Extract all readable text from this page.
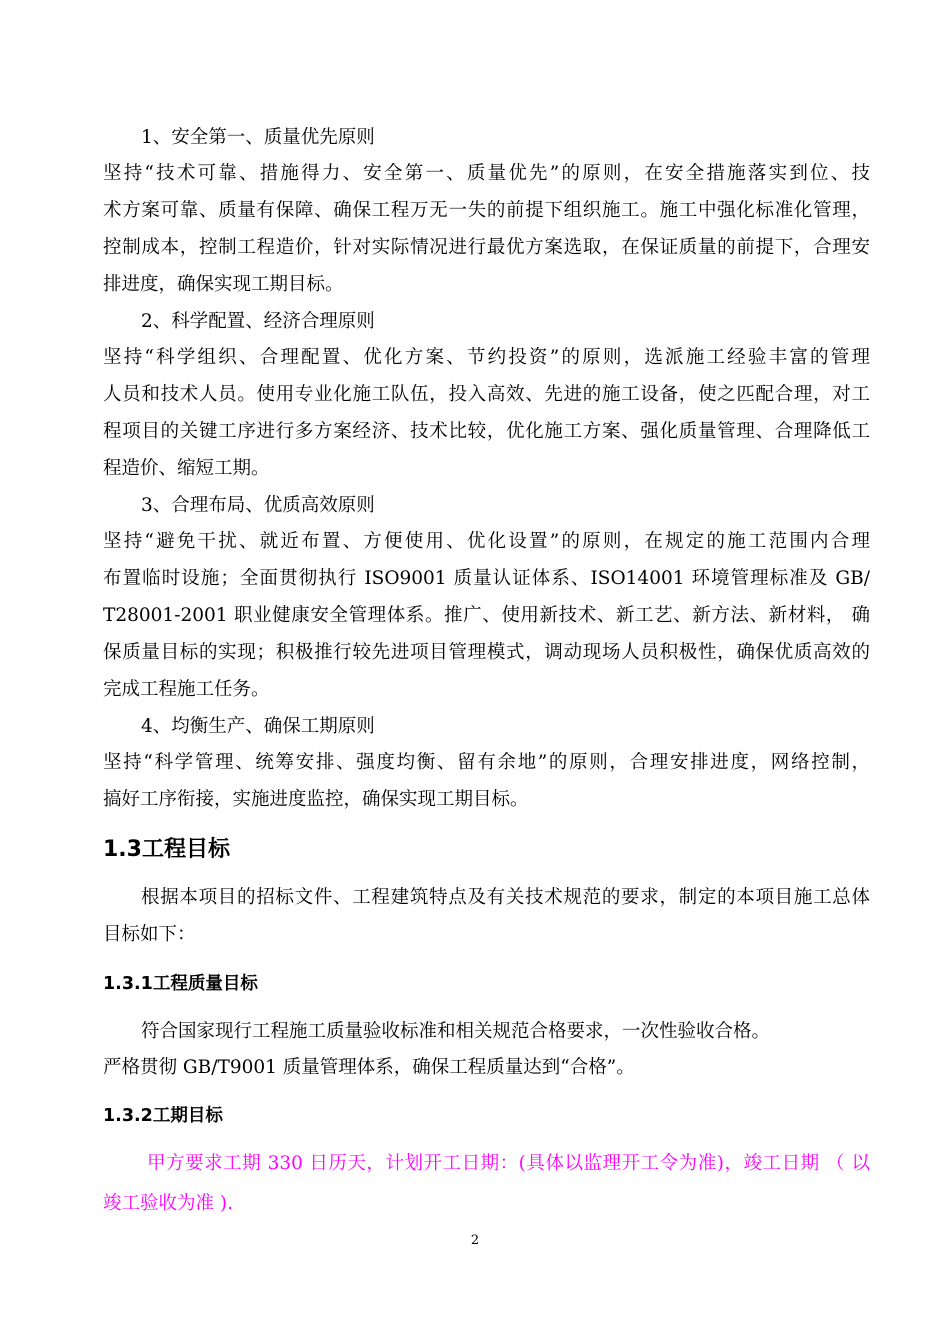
1、安全第一、质量优先原则
坚持“技术可靠、措施得力、安全第一、质量优先”的原则，在安全措施落实到位、技
术方案可靠、质量有保障、确保工程万无一失的前提下组织施工。施工中强化标准化管理，
控制成本，控制工程造价，针对实际情况进行最优方案选取，在保证质量的前提下，合理安
排进度，确保实现工期目标。
2、科学配置、经济合理原则
坚持“科学组织、合理配置、优化方案、节约投资”的原则，选派施工经验丰富的管理
人员和技术人员。使用专业化施工队伍，投入高效、先进的施工设备，使之匹配合理，对工
程项目的关键工序进行多方案经济、技术比较，优化施工方案、强化质量管理、合理降低工
程造价、缩短工期。
3、合理布局、优质高效原则
坚持“避免干扰、就近布置、方便使用、优化设置”的原则，在规定的施工范围内合理
布置临时设施；全面贯彻执行 ISO9001 质量认证体系、ISO14001 环境管理标准及 GB/
T28001-2001 职业健康安全管理体系。推广、使用新技术、新工艺、新方法、新材料， 确
保质量目标的实现；积极推行较先进项目管理模式，调动现场人员积极性，确保优质高效的
完成工程施工任务。
4、均衡生产、确保工期原则
坚持“科学管理、统筹安排、强度均衡、留有余地”的原则，合理安排进度，网络控制，
搞好工序衔接，实施进度监控，确保实现工期目标。
1.3工程目标
根据本项目的招标文件、工程建筑特点及有关技术规范的要求，制定的本项目施工总体
目标如下：
1.3.1工程质量目标
符合国家现行工程施工质量验收标准和相关规范合格要求，一次性验收合格。
严格贯彻 GB/T9001 质量管理体系，确保工程质量达到“合格”。
1.3.2工期目标
甲方要求工期 330 日历天，计划开工日期：(具体以监理开工令为准)，竣工日期 （ 以
竣工验收为准 ).
2
